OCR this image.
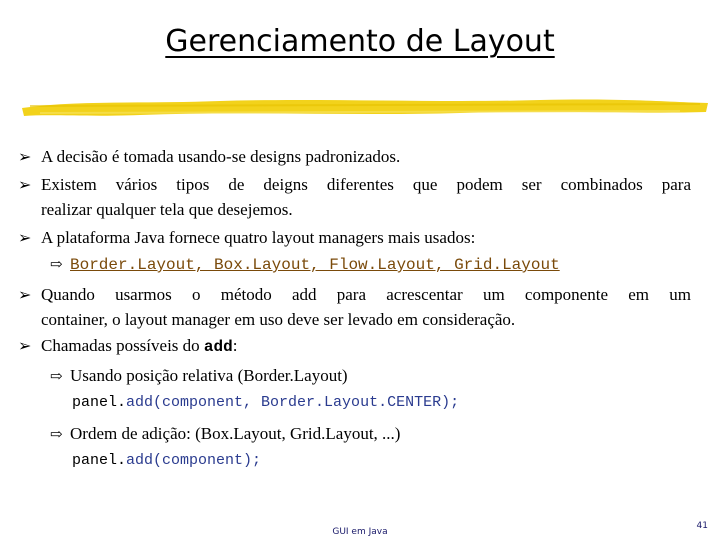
Gerenciamento de Layout
➢ A decisão é tomada usando-se designs padronizados.
➢ Existem vários tipos de deigns diferentes que podem ser combinados para
realizar qualquer tela que desejemos.
➢ A plataforma Java fornece quatro layout managers mais usados:
⇨ Border.Layout, Box.Layout, Flow.Layout, Grid.Layout
➢ Quando usarmos o método add para acrescentar um componente em um
container, o layout manager em uso deve ser levado em consideração.
➢ Chamadas possíveis do add:
⇨ Usando posição relativa (Border.Layout)
panel.add(component, Border.Layout.CENTER);
⇨ Ordem de adição: (Box.Layout, Grid.Layout, ...)
panel.add(component);
GUI em Java
41
